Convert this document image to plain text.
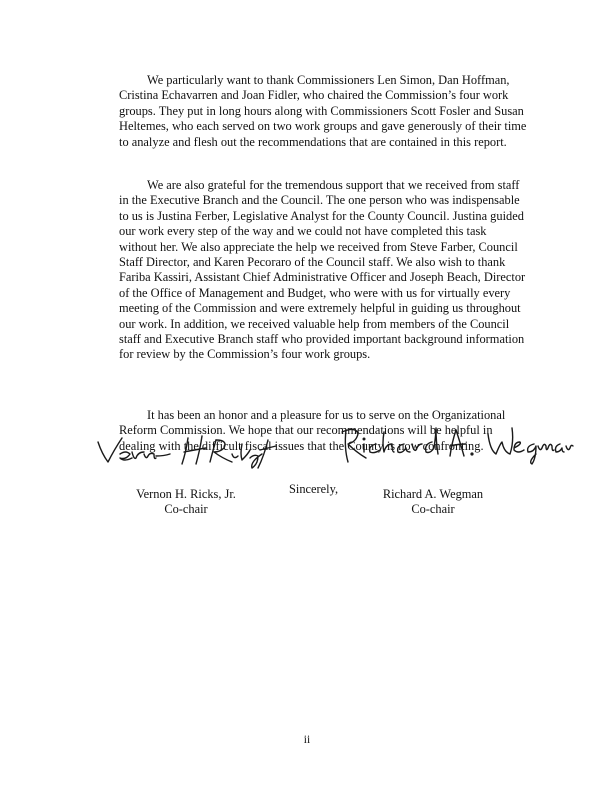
We particularly want to thank Commissioners Len Simon, Dan Hoffman, Cristina Echavarren and Joan Fidler, who chaired the Commission’s four work groups. They put in long hours along with Commissioners Scott Fosler and Susan Heltemes, who each served on two work groups and gave generously of their time to analyze and flesh out the recommendations that are contained in this report.

We are also grateful for the tremendous support that we received from staff in the Executive Branch and the Council. The one person who was indispensable to us is Justina Ferber, Legislative Analyst for the County Council. Justina guided our work every step of the way and we could not have completed this task without her. We also appreciate the help we received from Steve Farber, Council Staff Director, and Karen Pecoraro of the Council staff. We also wish to thank Fariba Kassiri, Assistant Chief Administrative Officer and Joseph Beach, Director of the Office of Management and Budget, who were with us for virtually every meeting of the Commission and were extremely helpful in guiding us throughout our work. In addition, we received valuable help from members of the Council staff and Executive Branch staff who provided important background information for review by the Commission’s four work groups.

It has been an honor and a pleasure for us to serve on the Organizational Reform Commission. We hope that our recommendations will be helpful in dealing with the difficult fiscal issues that the County is now confronting.

Sincerely,
Vernon H. Ricks, Jr.
Co-chair
Richard A. Wegman
Co-chair
ii
